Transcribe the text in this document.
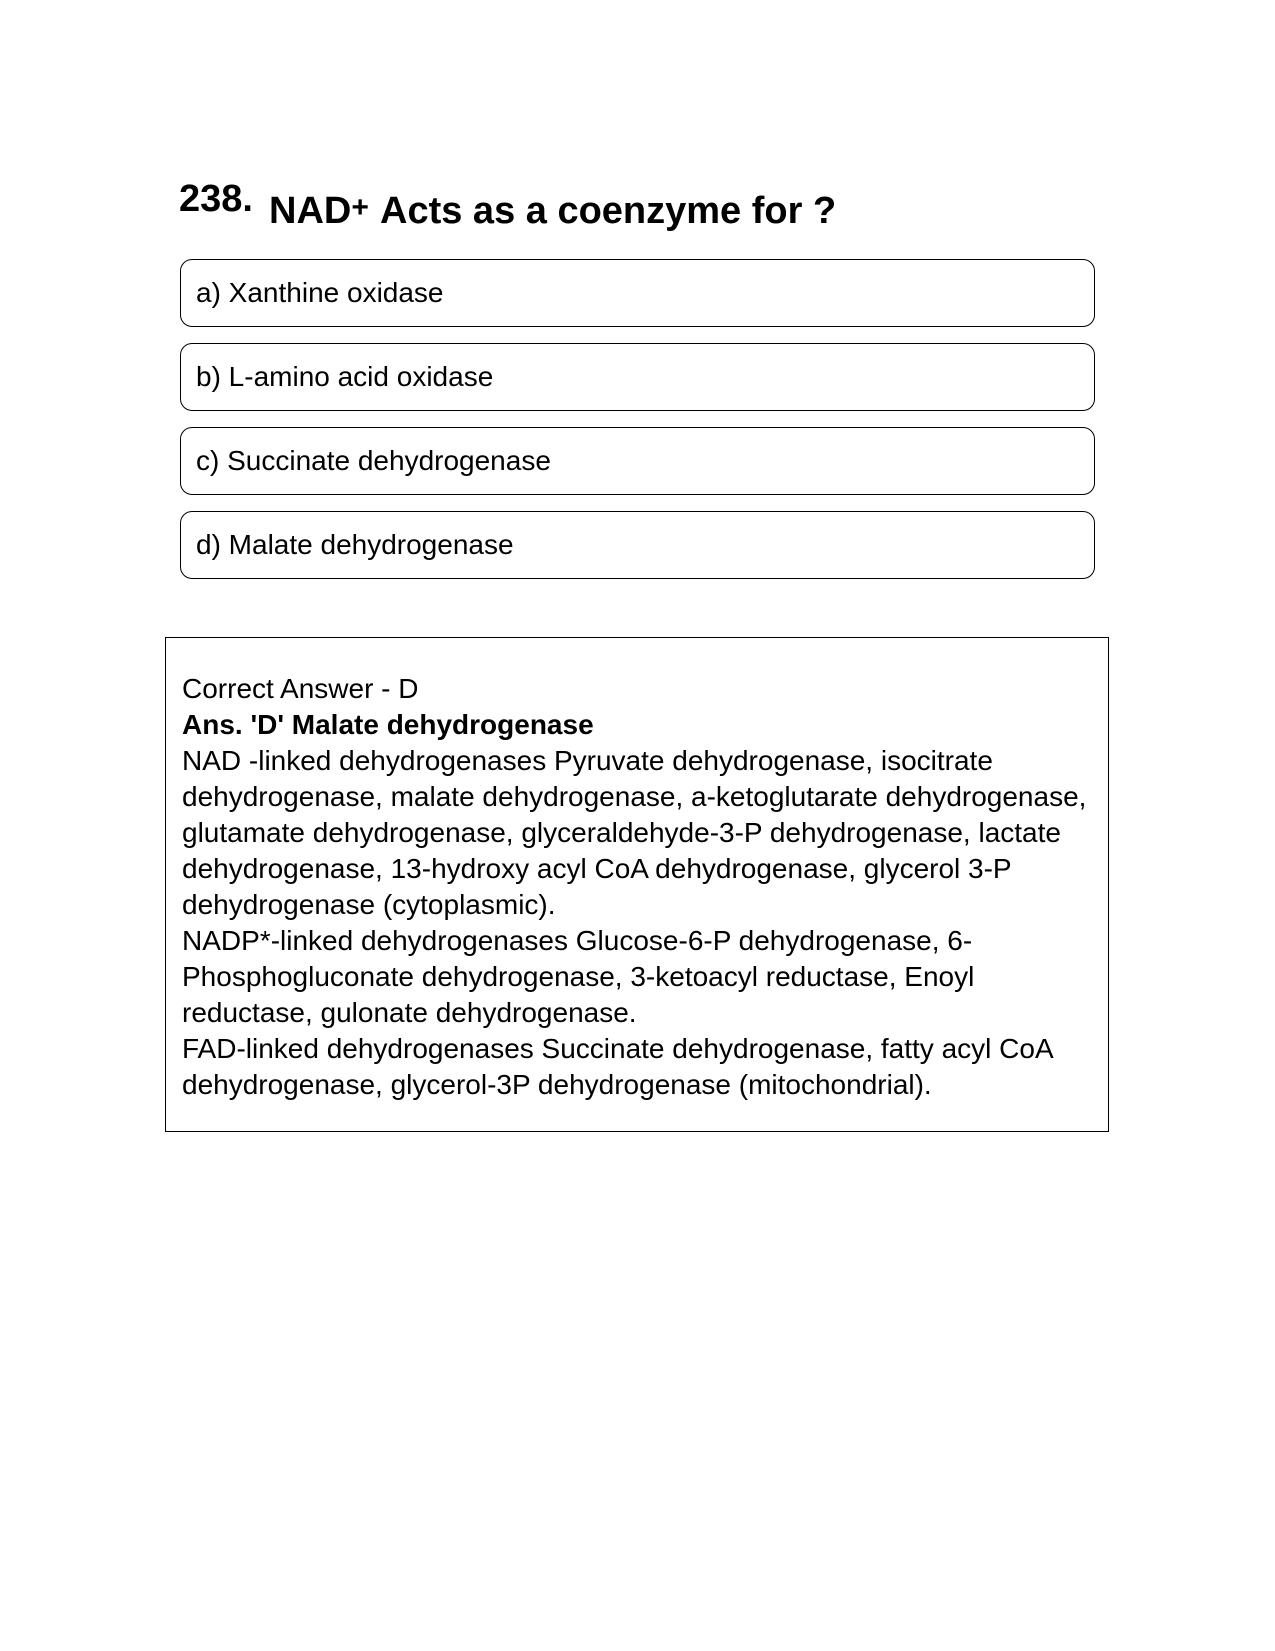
238. NAD+ Acts as a coenzyme for ?
a) Xanthine oxidase
b) L-amino acid oxidase
c) Succinate dehydrogenase
d) Malate dehydrogenase

Correct Answer - D

Ans. 'D' Malate dehydrogenase

NAD -linked dehydrogenases Pyruvate dehydrogenase, isocitrate dehydrogenase, malate dehydrogenase, a-ketoglutarate dehydrogenase, glutamate dehydrogenase, glyceraldehyde-3-P dehydrogenase, lactate dehydrogenase, 13-hydroxy acyl CoA dehydrogenase, glycerol 3-P dehydrogenase (cytoplasmic).

NADP*-linked dehydrogenases Glucose-6-P dehydrogenase, 6-Phosphogluconate dehydrogenase, 3-ketoacyl reductase, Enoyl reductase, gulonate dehydrogenase.

FAD-linked dehydrogenases Succinate dehydrogenase, fatty acyl CoA dehydrogenase, glycerol-3P dehydrogenase (mitochondrial).
